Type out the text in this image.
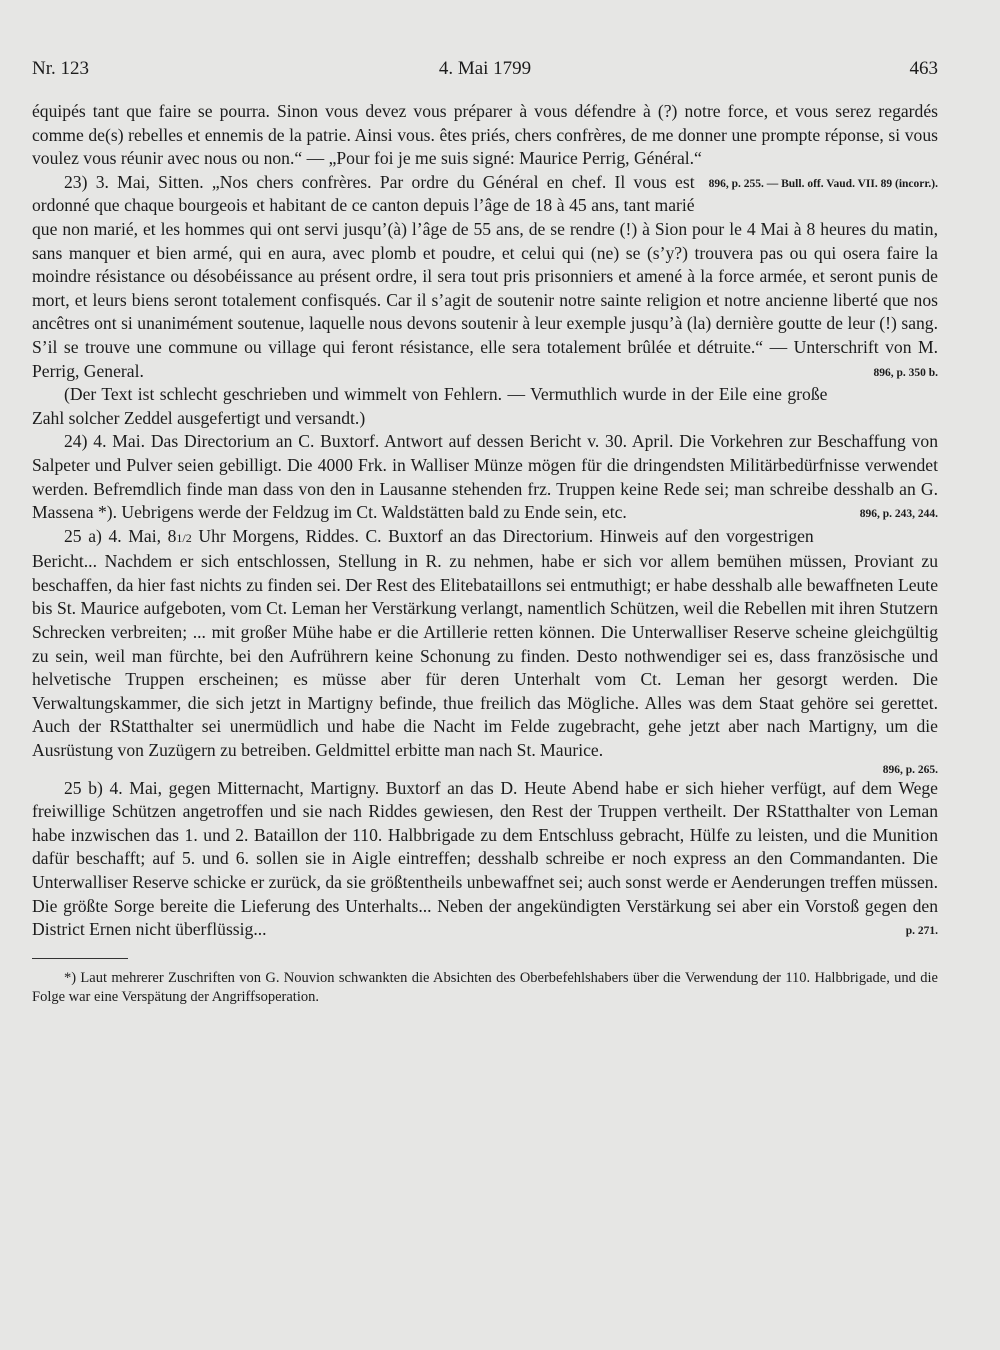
Nr. 123	4. Mai 1799	463

équipés tant que faire se pourra. Sinon vous devez vous préparer à vous défendre à (?) notre force, et vous serez regardés comme de(s) rebelles et ennemis de la patrie. Ainsi vous. êtes priés, chers confrères, de me donner une prompte réponse, si vous voulez vous réunir avec nous ou non.“ — „Pour foi je me suis signé: Maurice Perrig, Général.“
896, p. 255. — Bull. off. Vaud. VII. 89 (incorr.).

23) 3. Mai, Sitten. „Nos chers confrères. Par ordre du Général en chef. Il vous est ordonné que chaque bourgeois et habitant de ce canton depuis l’âge de 18 à 45 ans, tant marié que non marié, et les hommes qui ont servi jusqu’(à) l’âge de 55 ans, de se rendre (!) à Sion pour le 4 Mai à 8 heures du matin, sans manquer et bien armé, qui en aura, avec plomb et poudre, et celui qui (ne) se (s’y?) trouvera pas ou qui osera faire la moindre résistance ou désobéissance au présent ordre, il sera tout pris prisonniers et amené à la force armée, et seront punis de mort, et leurs biens seront totalement confisqués. Car il s’agit de soutenir notre sainte religion et notre ancienne liberté que nos ancêtres ont si unanimément soutenue, laquelle nous devons soutenir à leur exemple jusqu’à (la) dernière goutte de leur (!) sang. S’il se trouve une commune ou village qui feront résistance, elle sera totalement brûlée et détruite.“ — Unterschrift von M. Perrig, General.	896, p. 350 b.

(Der Text ist schlecht geschrieben und wimmelt von Fehlern. — Vermuthlich wurde in der Eile eine große Zahl solcher Zeddel ausgefertigt und versandt.)

24) 4. Mai. Das Directorium an C. Buxtorf. Antwort auf dessen Bericht v. 30. April. Die Vorkehren zur Beschaffung von Salpeter und Pulver seien gebilligt. Die 4000 Frk. in Walliser Münze mögen für die dringendsten Militärbedürfnisse verwendet werden. Befremdlich finde man dass von den in Lausanne stehenden frz. Truppen keine Rede sei; man schreibe desshalb an G. Massena *). Uebrigens werde der Feldzug im Ct. Waldstätten bald zu Ende sein, etc.	896, p. 243, 244.

25 a) 4. Mai, 81/2 Uhr Morgens, Riddes. C. Buxtorf an das Directorium. Hinweis auf den vorgestrigen Bericht... Nachdem er sich entschlossen, Stellung in R. zu nehmen, habe er sich vor allem bemühen müssen, Proviant zu beschaffen, da hier fast nichts zu finden sei. Der Rest des Elitebataillons sei entmuthigt; er habe desshalb alle bewaffneten Leute bis St. Maurice aufgeboten, vom Ct. Leman her Verstärkung verlangt, namentlich Schützen, weil die Rebellen mit ihren Stutzern Schrecken verbreiten; ... mit großer Mühe habe er die Artillerie retten können. Die Unterwalliser Reserve scheine gleichgültig zu sein, weil man fürchte, bei den Aufrührern keine Schonung zu finden. Desto nothwendiger sei es, dass französische und helvetische Truppen erscheinen; es müsse aber für deren Unterhalt vom Ct. Leman her gesorgt werden. Die Verwaltungskammer, die sich jetzt in Martigny befinde, thue freilich das Mögliche. Alles was dem Staat gehöre sei gerettet. Auch der RStatthalter sei unermüdlich und habe die Nacht im Felde zugebracht, gehe jetzt aber nach Martigny, um die Ausrüstung von Zuzügern zu betreiben. Geldmittel erbitte man nach St. Maurice.

896, p. 265.

25 b) 4. Mai, gegen Mitternacht, Martigny. Buxtorf an das D. Heute Abend habe er sich hieher verfügt, auf dem Wege freiwillige Schützen angetroffen und sie nach Riddes gewiesen, den Rest der Truppen vertheilt. Der RStatthalter von Leman habe inzwischen das 1. und 2. Bataillon der 110. Halbbrigade zu dem Entschluss gebracht, Hülfe zu leisten, und die Munition dafür beschafft; auf 5. und 6. sollen sie in Aigle eintreffen; desshalb schreibe er noch express an den Commandanten. Die Unterwalliser Reserve schicke er zurück, da sie größtentheils unbewaffnet sei; auch sonst werde er Aenderungen treffen müssen. Die größte Sorge bereite die Lieferung des Unterhalts... Neben der angekündigten Verstärkung sei aber ein Vorstoß gegen den District Ernen nicht überflüssig...	p. 271.

*) Laut mehrerer Zuschriften von G. Nouvion schwankten die Absichten des Oberbefehlshabers über die Verwendung der 110. Halbbrigade, und die Folge war eine Verspätung der Angriffsoperation.
